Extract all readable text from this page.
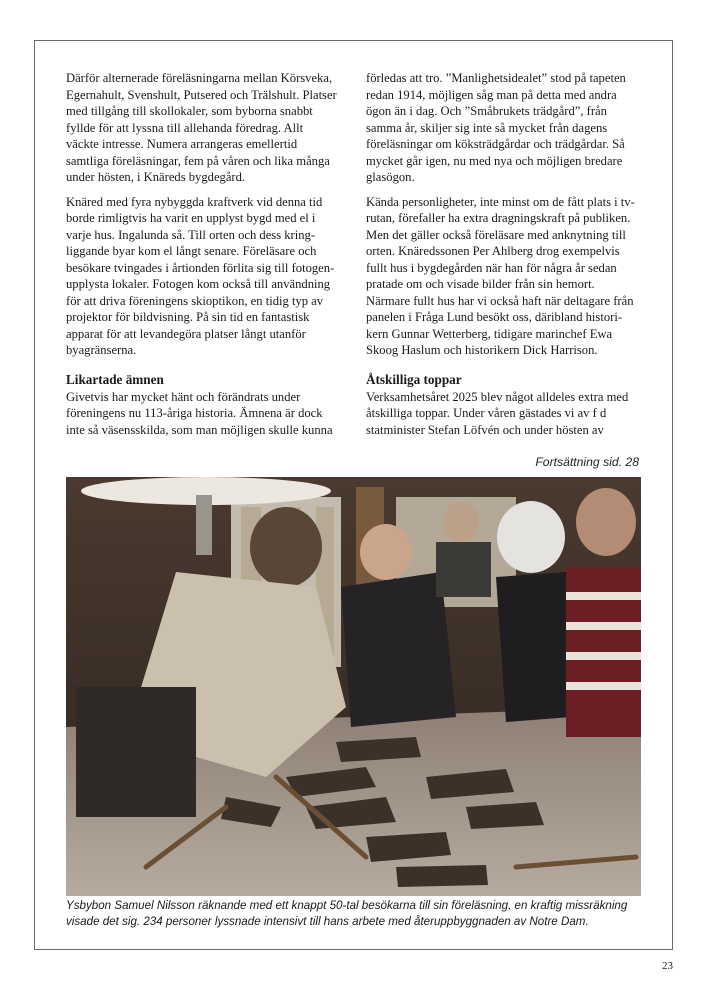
Därför alternerade föreläsningarna mellan Körsveka, Egernahult, Svenshult, Putsered och Trälshult. Platser med tillgång till skollokaler, som byborna snabbt fyllde för att lyssna till allehanda föredrag. Allt väckte intresse. Numera arrangeras emellertid samtliga föreläsningar, fem på våren och lika många under hösten, i Knäreds bygdegård.

Knäred med fyra nybyggda kraftverk vid denna tid borde rimligtvis ha varit en upplyst bygd med el i varje hus. Ingalunda så. Till orten och dess kringliggande byar kom el långt senare. Föreläsare och besökare tvingades i årtionden förlita sig till fotogenupplysta lokaler. Fotogen kom också till användning för att driva föreningens skioptikon, en tidig typ av projektor för bildvisning. På sin tid en fantastisk apparat för att levandegöra platser långt utanför byagränserna.

Likartade ämnen

Givetvis har mycket hänt och förändrats under föreningens nu 113-åriga historia. Ämnena är dock inte så väsensskilda, som man möjligen skulle kunna

förledas att tro. ”Manlighetsidealet” stod på tapeten redan 1914, möjligen såg man på detta med andra ögon än i dag. Och ”Småbrukets trädgård”, från samma år, skiljer sig inte så mycket från dagens föreläsningar om köksträdgårdar och trädgårdar. Så mycket går igen, nu med nya och möjligen bredare glasögon.

Kända personligheter, inte minst om de fått plats i tv-rutan, förefaller ha extra dragningskraft på publiken. Men det gäller också föreläsare med anknytning till orten. Knäredssonen Per Ahlberg drog exempelvis fullt hus i bygdegården när han för några år sedan pratade om och visade bilder från sin hemort. Närmare fullt hus har vi också haft när deltagare från panelen i Fråga Lund besökt oss, däribland historikern Gunnar Wetterberg, tidigare marinchef Ewa Skoog Haslum och historikern Dick Harrison.

Åtskilliga toppar

Verksamhetsåret 2025 blev något alldeles extra med åtskilliga toppar. Under våren gästades vi av f d statminister Stefan Löfvén och under hösten av

Fortsättning sid. 28

Ysbybon Samuel Nilsson räknande med ett knappt 50-tal besökarna till sin föreläsning, en kraftig missräkning visade det sig. 234 personer lyssnade intensivt till hans arbete med återuppbyggnaden av Notre Dam.

23
